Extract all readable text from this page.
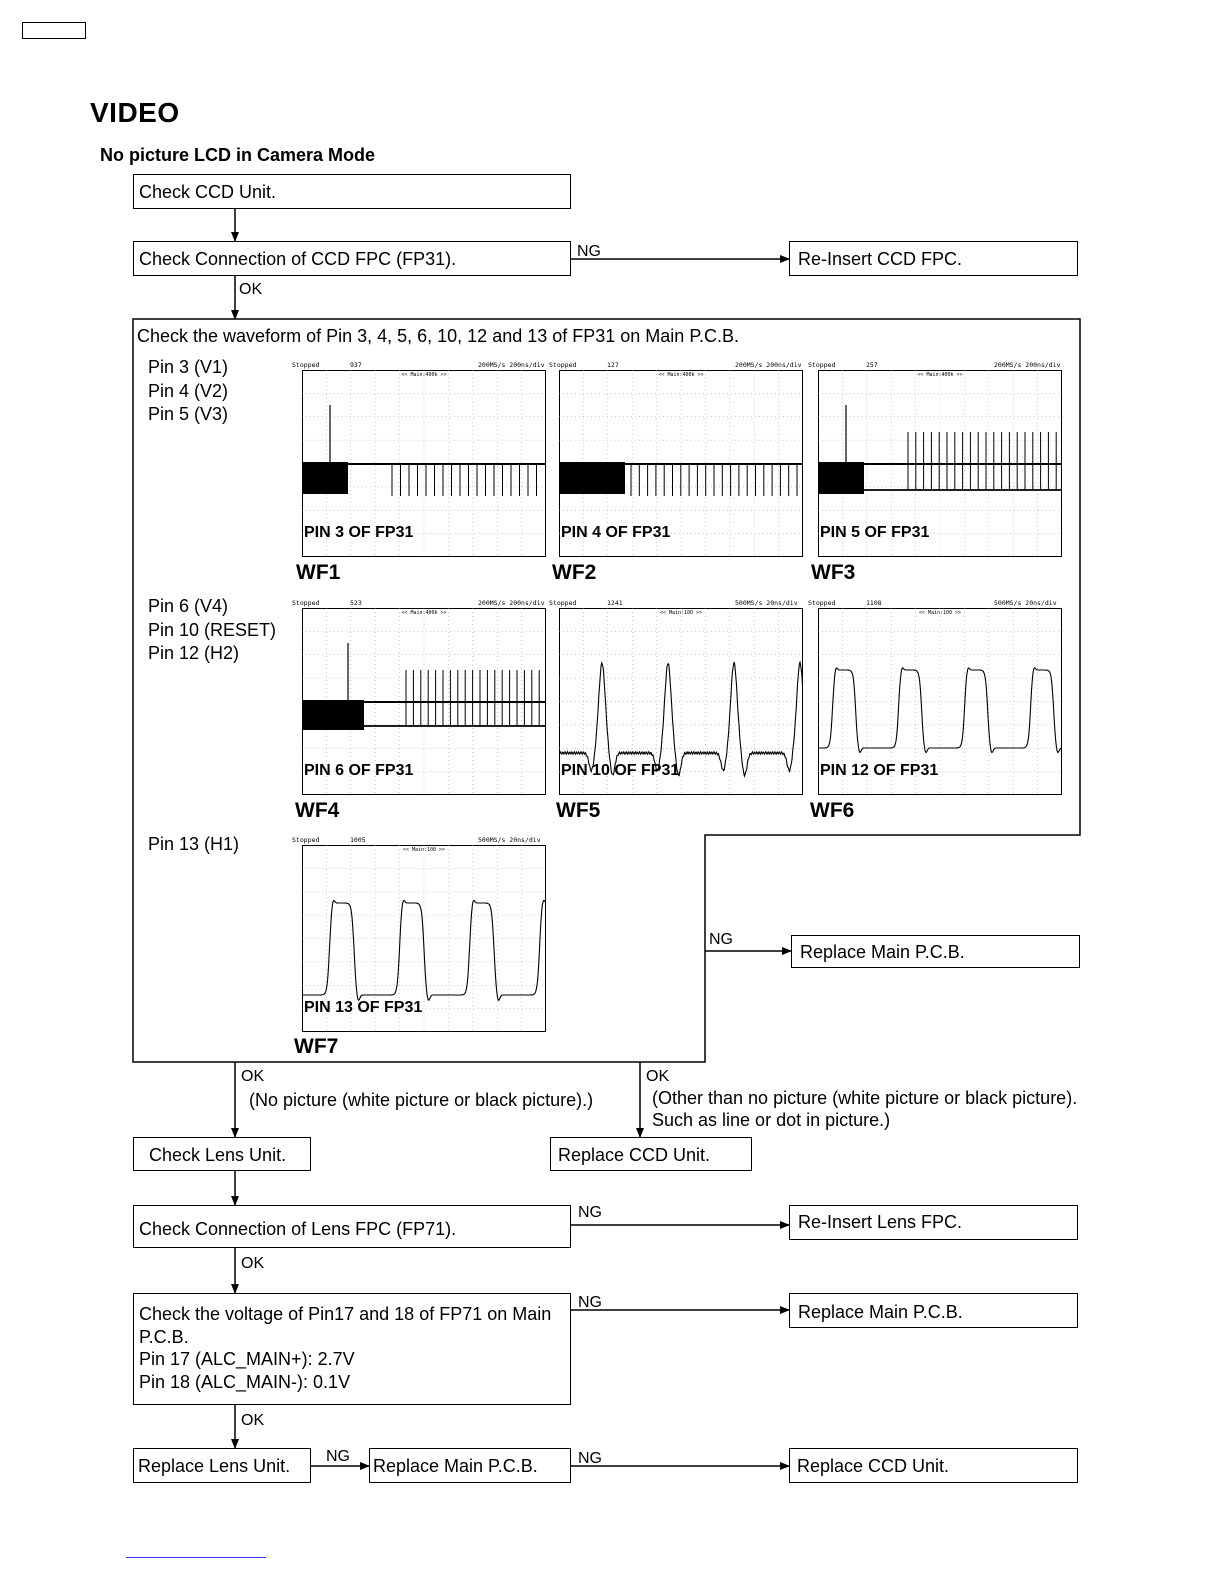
VIDEO
No picture LCD in Camera Mode
Check CCD Unit.
Check Connection of CCD FPC (FP31).	Re-Insert CCD FPC.
Check the waveform of Pin 3, 4, 5, 6, 10, 12 and 13 of FP31 on Main P.C.B.
Replace Main P.C.B.
Check Lens Unit.	Replace CCD Unit.
Check Connection of Lens FPC (FP71).	Re-Insert Lens FPC.
Check the voltage of Pin17 and 18 of FP71 on Main
P.C.B.
Pin 17 (ALC_MAIN+): 2.7V
Pin 18 (ALC_MAIN-): 0.1V
Replace Main P.C.B.
Replace Lens Unit.	Replace Main P.C.B.	Replace CCD Unit.
NG
OK
NG
OK
(No picture (white picture or black picture).)
OK
(Other than no picture (white picture or black picture).
Such as line or dot in picture.)
NG
OK
NG
OK
NG	NG
Pin 3 (V1)
Pin 4 (V2)
Pin 5 (V3)
Pin 6 (V4)
Pin 10 (RESET)
Pin 12 (H2)
Pin 13 (H1)
Stopped	937	200MS/s 200ns/div
<< Main:400k >>
PIN 3 OF FP31
Stopped	127	200MS/s 200ns/div
<< Main:400k >>
PIN 4 OF FP31
Stopped	257	200MS/s 200ns/div
<< Main:400k >>
PIN 5 OF FP31
Stopped	523	200MS/s 200ns/div
<< Main:400k >>
PIN 6 OF FP31
Stopped	1241	500MS/s 20ns/div
<< Main:100 >>
PIN 10 OF FP31
Stopped	1108	500MS/s 20ns/div
<< Main:100 >>
PIN 12 OF FP31
Stopped	1005	500MS/s 20ns/div
<< Main:100 >>
PIN 13 OF FP31
WF1	WF2	WF3
WF4	WF5	WF6
WF7
